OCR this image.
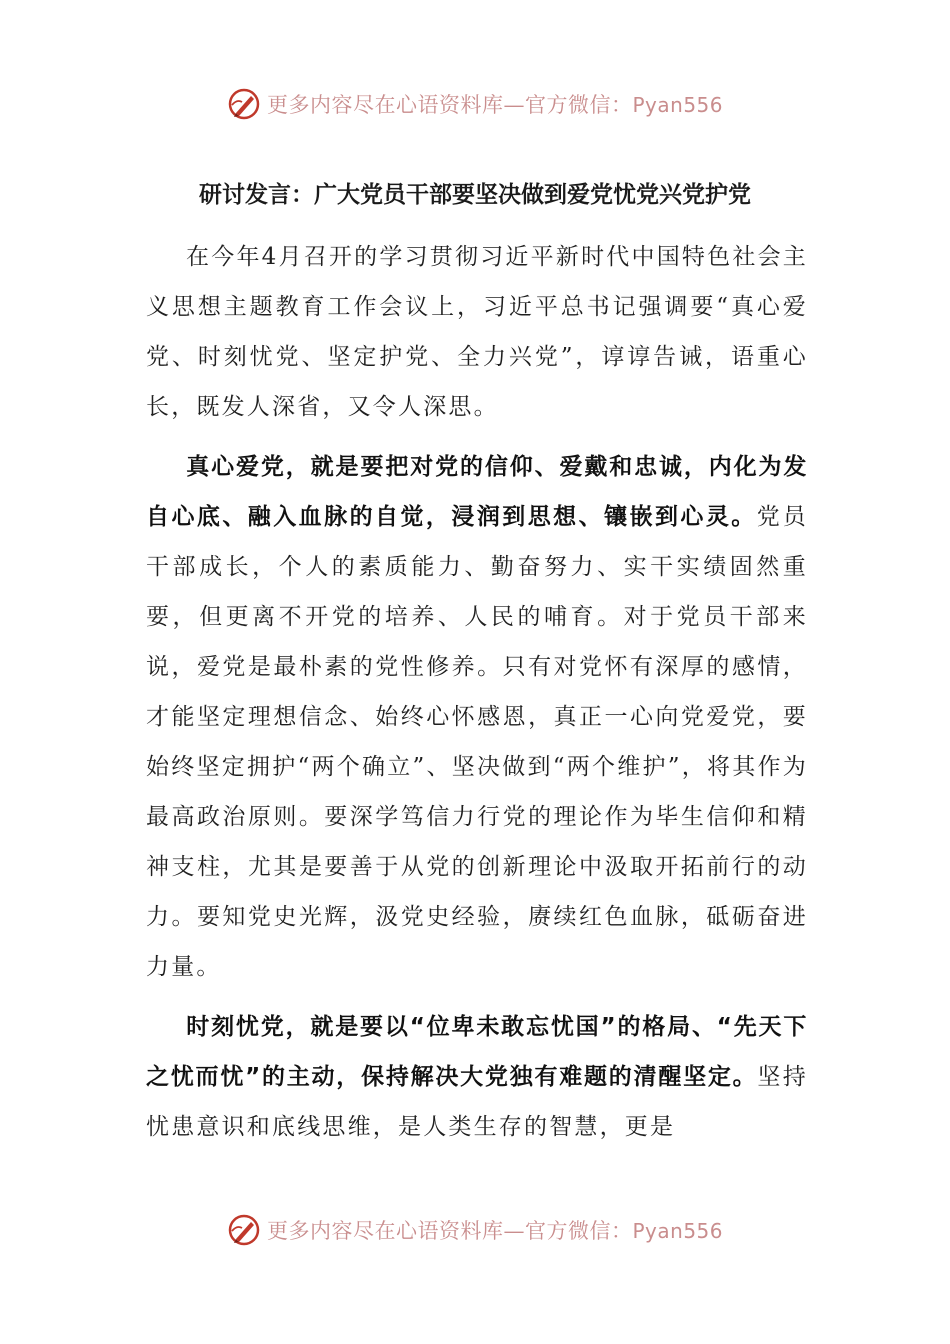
更多内容尽在心语资料库—官方微信：Pyan556
研讨发言：广大党员干部要坚决做到爱党忧党兴党护党

在今年4月召开的学习贯彻习近平新时代中国特色社会主义思想主题教育工作会议上，习近平总书记强调要“真心爱党、时刻忧党、坚定护党、全力兴党”，谆谆告诫，语重心长，既发人深省，又令人深思。

真心爱党，就是要把对党的信仰、爱戴和忠诚，内化为发自心底、融入血脉的自觉，浸润到思想、镶嵌到心灵。党员干部成长，个人的素质能力、勤奋努力、实干实绩固然重要，但更离不开党的培养、人民的哺育。对于党员干部来说，爱党是最朴素的党性修养。只有对党怀有深厚的感情，才能坚定理想信念、始终心怀感恩，真正一心向党爱党，要始终坚定拥护“两个确立”、坚决做到“两个维护”，将其作为最高政治原则。要深学笃信力行党的理论作为毕生信仰和精神支柱，尤其是要善于从党的创新理论中汲取开拓前行的动力。要知党史光辉，汲党史经验，赓续红色血脉，砥砺奋进力量。

时刻忧党，就是要以“位卑未敢忘忧国”的格局、“先天下之忧而忧”的主动，保持解决大党独有难题的清醒坚定。坚持忧患意识和底线思维，是人类生存的智慧，更是

更多内容尽在心语资料库—官方微信：Pyan556
